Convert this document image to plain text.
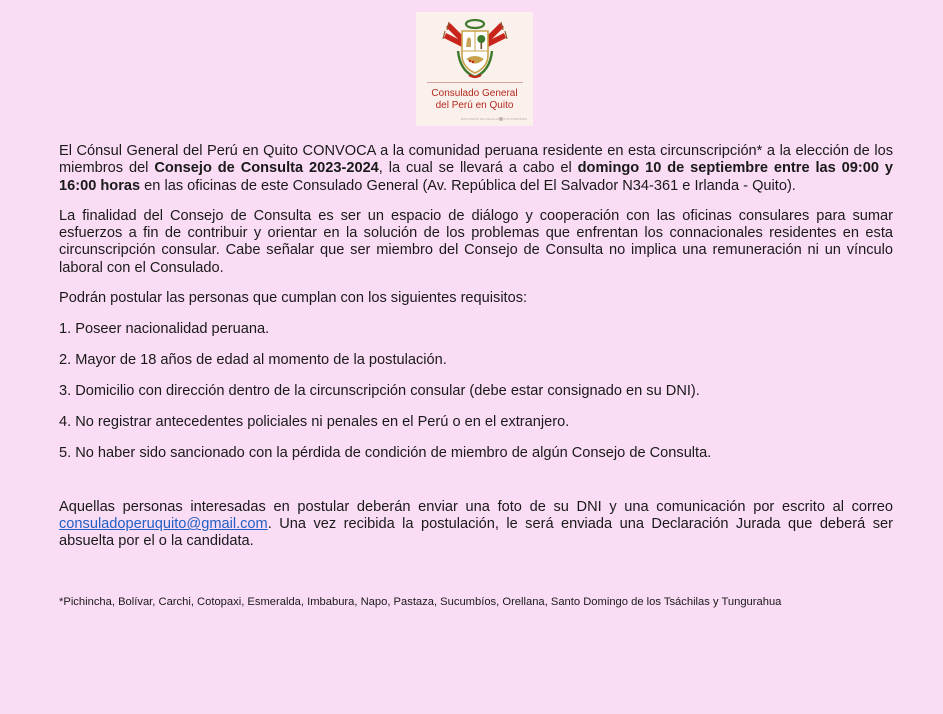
Consulado General
del Perú en Quito
MINISTERIO DE RELACIONES EXTERIORES

El Cónsul General del Perú en Quito CONVOCA a la comunidad peruana residente en esta circunscripción* a la elección de los miembros del Consejo de Consulta 2023-2024, la cual se llevará a cabo el domingo 10 de septiembre entre las 09:00 y 16:00 horas en las oficinas de este Consulado General (Av. República del El Salvador N34-361 e Irlanda - Quito).

La finalidad del Consejo de Consulta es ser un espacio de diálogo y cooperación con las oficinas consulares para sumar esfuerzos a fin de contribuir y orientar en la solución de los problemas que enfrentan los connacionales residentes en esta circunscripción consular. Cabe señalar que ser miembro del Consejo de Consulta no implica una remuneración ni un vínculo laboral con el Consulado.

Podrán postular las personas que cumplan con los siguientes requisitos:

1. Poseer nacionalidad peruana.

2. Mayor de 18 años de edad al momento de la postulación.

3. Domicilio con dirección dentro de la circunscripción consular (debe estar consignado en su DNI).

4. No registrar antecedentes policiales ni penales en el Perú o en el extranjero.

5. No haber sido sancionado con la pérdida de condición de miembro de algún Consejo de Consulta.

Aquellas personas interesadas en postular deberán enviar una foto de su DNI y una comunicación por escrito al correo consuladoperuquito@gmail.com. Una vez recibida la postulación, le será enviada una Declaración Jurada que deberá ser absuelta por el o la candidata.

*Pichincha, Bolívar, Carchi, Cotopaxi, Esmeralda, Imbabura, Napo, Pastaza, Sucumbíos, Orellana, Santo Domingo de los Tsáchilas y Tungurahua
